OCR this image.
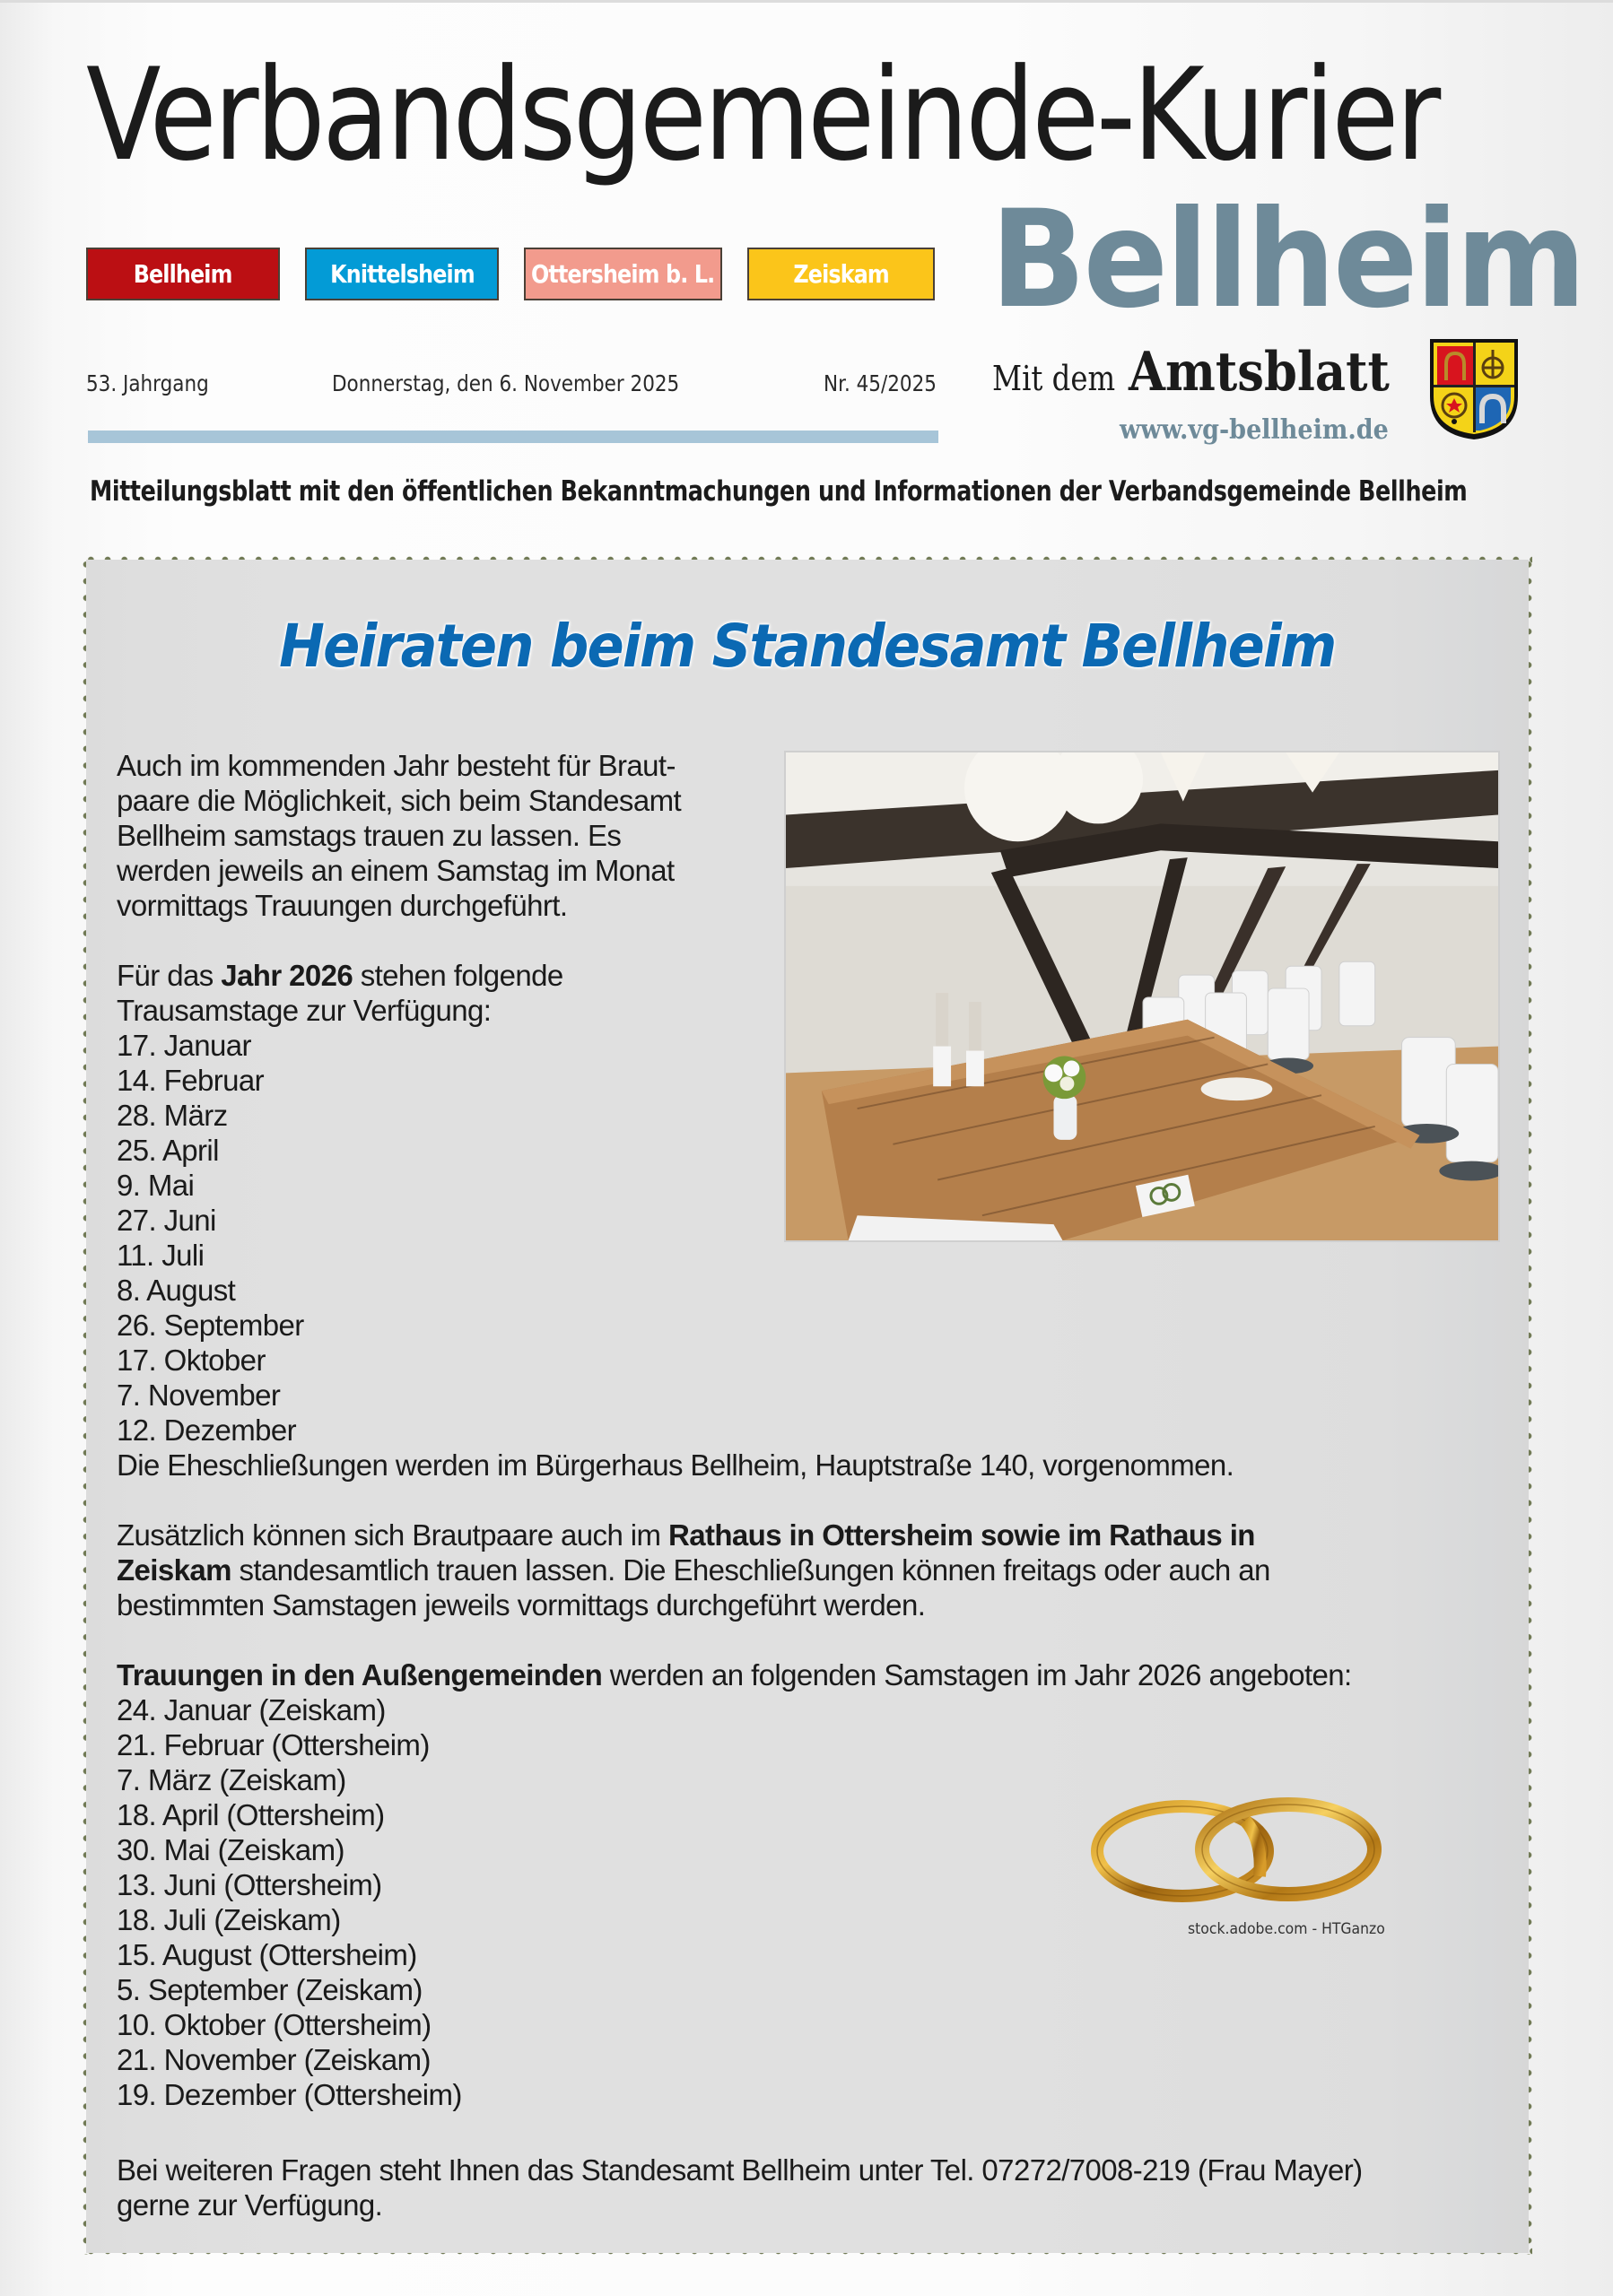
Verbandsgemeinde-Kurier
Bellheim	Knittelsheim Ottersheim b. L.	Zeiskam
53. Jahrgang	Donnerstag, den 6. November 2025	Nr. 45/2025
Bellheim
Mit dem Amtsblatt
www.vg-bellheim.de
Mitteilungsblatt mit den öffentlichen Bekanntmachungen und Informationen der Verbandsgemeinde Bellheim
Heiraten beim Standesamt Bellheim
Auch im kommenden Jahr besteht für Braut-
paare die Möglichkeit, sich beim Standesamt
Bellheim samstags trauen zu lassen. Es
werden jeweils an einem Samstag im Monat
vormittags Trauungen durchgeführt.
Für das Jahr 2026 stehen folgende
Trausamstage zur Verfügung:
17. Januar
14. Februar
28. März
25. April
9. Mai
27. Juni
11. Juli
8. August
26. September
17. Oktober
7. November
12. Dezember
Die Eheschließungen werden im Bürgerhaus Bellheim, Hauptstraße 140, vorgenommen.
Zusätzlich können sich Brautpaare auch im Rathaus in Ottersheim sowie im Rathaus in
Zeiskam standesamtlich trauen lassen. Die Eheschließungen können freitags oder auch an
bestimmten Samstagen jeweils vormittags durchgeführt werden.
Trauungen in den Außengemeinden werden an folgenden Samstagen im Jahr 2026 angeboten:
24. Januar (Zeiskam)
21. Februar (Ottersheim)
7. März (Zeiskam)
18. April (Ottersheim)
30. Mai (Zeiskam)
13. Juni (Ottersheim)
18. Juli (Zeiskam)
15. August (Ottersheim)
5. September (Zeiskam)
10. Oktober (Ottersheim)
21. November (Zeiskam)
19. Dezember (Ottersheim)
Bei weiteren Fragen steht Ihnen das Standesamt Bellheim unter Tel. 07272/7008-219 (Frau Mayer)
gerne zur Verfügung.
stock.adobe.com - HTGanzo
